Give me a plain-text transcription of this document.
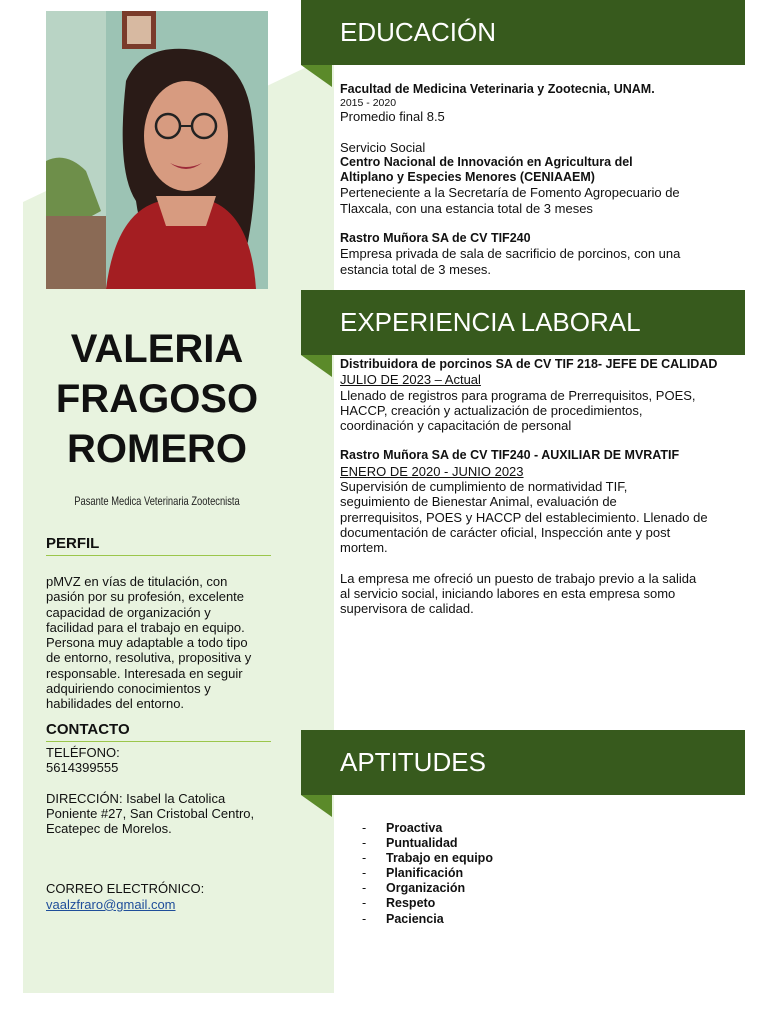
VALERIA
FRAGOSO
ROMERO
Pasante Medica Veterinaria Zootecnista
PERFIL

pMVZ en vías de titulación, con

pasión por su profesión, excelente

capacidad de organización y

facilidad para el trabajo en equipo.

Persona muy adaptable a todo tipo

de entorno, resolutiva, propositiva y

responsable. Interesada en seguir

adquiriendo conocimientos y

habilidades del entorno.

CONTACTO

TELÉFONO:

5614399555

DIRECCIÓN: Isabel la Catolica

Poniente #27, San Cristobal Centro,

Ecatepec de Morelos.

CORREO ELECTRÓNICO:

vaalzfraro@gmail.com

EDUCACIÓN

Facultad de Medicina Veterinaria y Zootecnia, UNAM.

2015 - 2020

Promedio final 8.5

Servicio Social

Centro Nacional de Innovación en Agricultura del

Altiplano y Especies Menores (CENIAAEM)

Perteneciente a la Secretaría de Fomento Agropecuario de

Tlaxcala, con una estancia total de 3 meses

Rastro Muñora SA de CV TIF240

Empresa privada de sala de sacrificio de porcinos, con una

estancia total de 3 meses.

EXPERIENCIA LABORAL

Distribuidora de porcinos SA de CV TIF 218- JEFE DE CALIDAD

JULIO DE 2023 – Actual

Llenado de registros para programa de Prerrequisitos, POES,

HACCP, creación y actualización de procedimientos,

coordinación y capacitación de personal

Rastro Muñora SA de CV TIF240 - AUXILIAR DE MVRATIF

ENERO DE 2020 - JUNIO 2023

Supervisión de cumplimiento de normatividad TIF,

seguimiento de Bienestar Animal, evaluación de

prerrequisitos, POES y HACCP del establecimiento. Llenado de

documentación de carácter oficial, Inspección ante y post

mortem.

La empresa me ofreció un puesto de trabajo previo a la salida

al servicio social, iniciando labores en esta empresa somo

supervisora de calidad.

APTITUDES
-	Proactiva
-	Puntualidad
-	Trabajo en equipo
-	Planificación
-	Organización
-	Respeto
-	Paciencia
